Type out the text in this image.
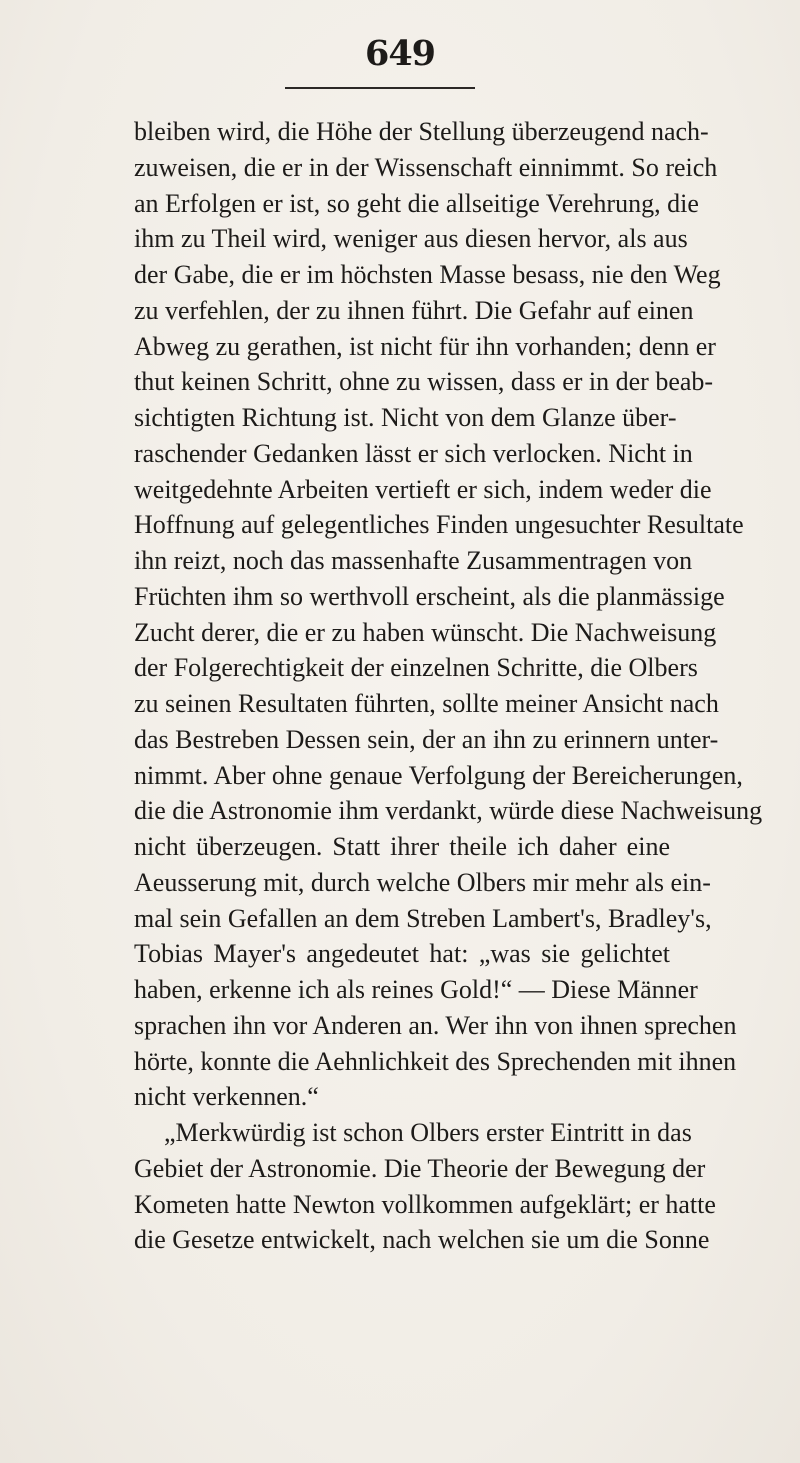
649
bleiben wird, die Höhe der Stellung überzeugend nach-
zuweisen, die er in der Wissenschaft einnimmt. So reich
an Erfolgen er ist, so geht die allseitige Verehrung, die
ihm zu Theil wird, weniger aus diesen hervor, als aus
der Gabe, die er im höchsten Masse besass, nie den Weg
zu verfehlen, der zu ihnen führt. Die Gefahr auf einen
Abweg zu gerathen, ist nicht für ihn vorhanden; denn er
thut keinen Schritt, ohne zu wissen, dass er in der beab-
sichtigten Richtung ist. Nicht von dem Glanze über-
raschender Gedanken lässt er sich verlocken. Nicht in
weitgedehnte Arbeiten vertieft er sich, indem weder die
Hoffnung auf gelegentliches Finden ungesuchter Resultate
ihn reizt, noch das massenhafte Zusammentragen von
Früchten ihm so werthvoll erscheint, als die planmässige
Zucht derer, die er zu haben wünscht. Die Nachweisung
der Folgerechtigkeit der einzelnen Schritte, die Olbers
zu seinen Resultaten führten, sollte meiner Ansicht nach
das Bestreben Dessen sein, der an ihn zu erinnern unter-
nimmt. Aber ohne genaue Verfolgung der Bereicherungen,
die die Astronomie ihm verdankt, würde diese Nachweisung
nicht überzeugen. Statt ihrer theile ich daher eine
Aeusserung mit, durch welche Olbers mir mehr als ein-
mal sein Gefallen an dem Streben Lambert's, Bradley's,
Tobias Mayer's angedeutet hat: „was sie gelichtet
haben, erkenne ich als reines Gold!“ — Diese Männer
sprachen ihn vor Anderen an. Wer ihn von ihnen sprechen
hörte, konnte die Aehnlichkeit des Sprechenden mit ihnen
nicht verkennen.“
„Merkwürdig ist schon Olbers erster Eintritt in das
Gebiet der Astronomie. Die Theorie der Bewegung der
Kometen hatte Newton vollkommen aufgeklärt; er hatte
die Gesetze entwickelt, nach welchen sie um die Sonne
